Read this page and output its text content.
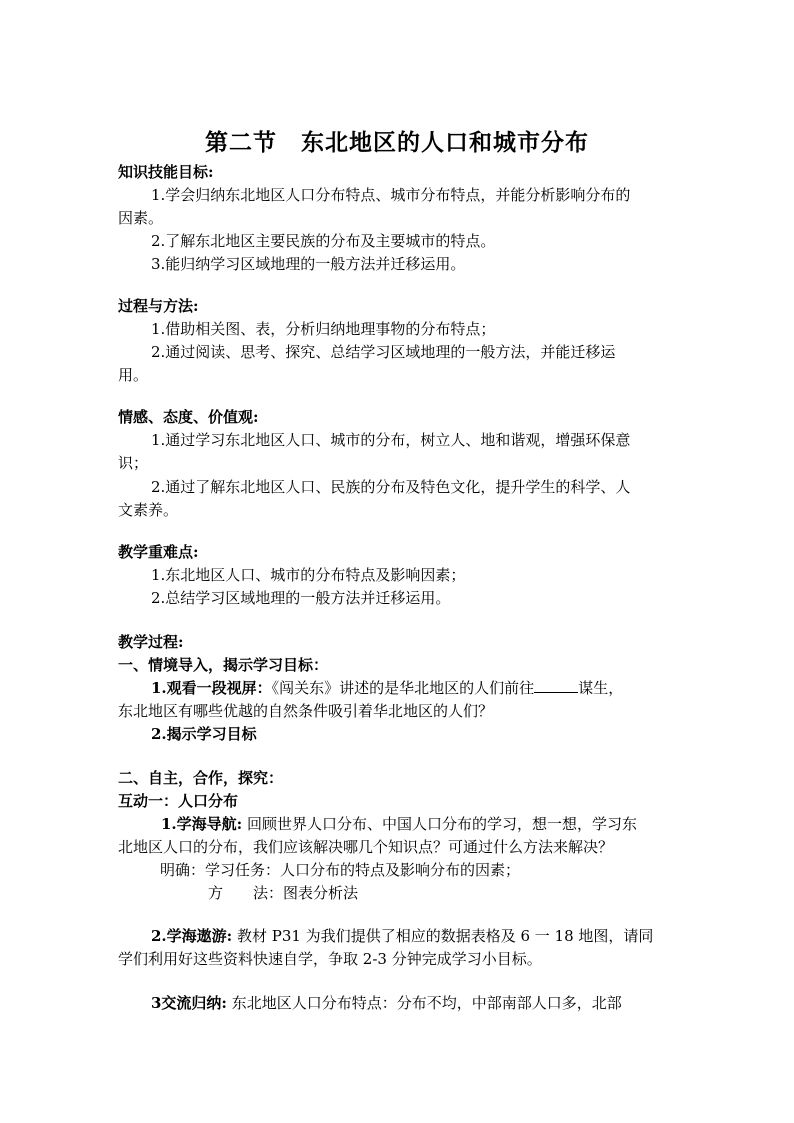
第二节　东北地区的人口和城市分布
知识技能目标:
1.学会归纳东北地区人口分布特点、城市分布特点，并能分析影响分布的
因素。
2.了解东北地区主要民族的分布及主要城市的特点。
3.能归纳学习区域地理的一般方法并迁移运用。
过程与方法:
1.借助相关图、表，分析归纳地理事物的分布特点；
2.通过阅读、思考、探究、总结学习区域地理的一般方法，并能迁移运
用。
情感、态度、价值观:
1.通过学习东北地区人口、城市的分布，树立人、地和谐观，增强环保意
识；
2.通过了解东北地区人口、民族的分布及特色文化，提升学生的科学、人
文素养。
教学重难点:
1.东北地区人口、城市的分布特点及影响因素；
2.总结学习区域地理的一般方法并迁移运用。
教学过程:
一、情境导入，揭示学习目标：
1.观看一段视屏：《闯关东》讲述的是华北地区的人们前往	谋生，
东北地区有哪些优越的自然条件吸引着华北地区的人们？
2.揭示学习目标
二、自主，合作，探究：
互动一：人口分布
1.学海导航: 回顾世界人口分布、中国人口分布的学习，想一想，学习东
北地区人口的分布，我们应该解决哪几个知识点？可通过什么方法来解决？
明确：学习任务：人口分布的特点及影响分布的因素；
方　　法：图表分析法
2.学海遨游: 教材 P31 为我们提供了相应的数据表格及 6 一 18 地图，请同
学们利用好这些资料快速自学，争取 2-3 分钟完成学习小目标。
3交流归纳: 东北地区人口分布特点：分布不均，中部南部人口多，北部
